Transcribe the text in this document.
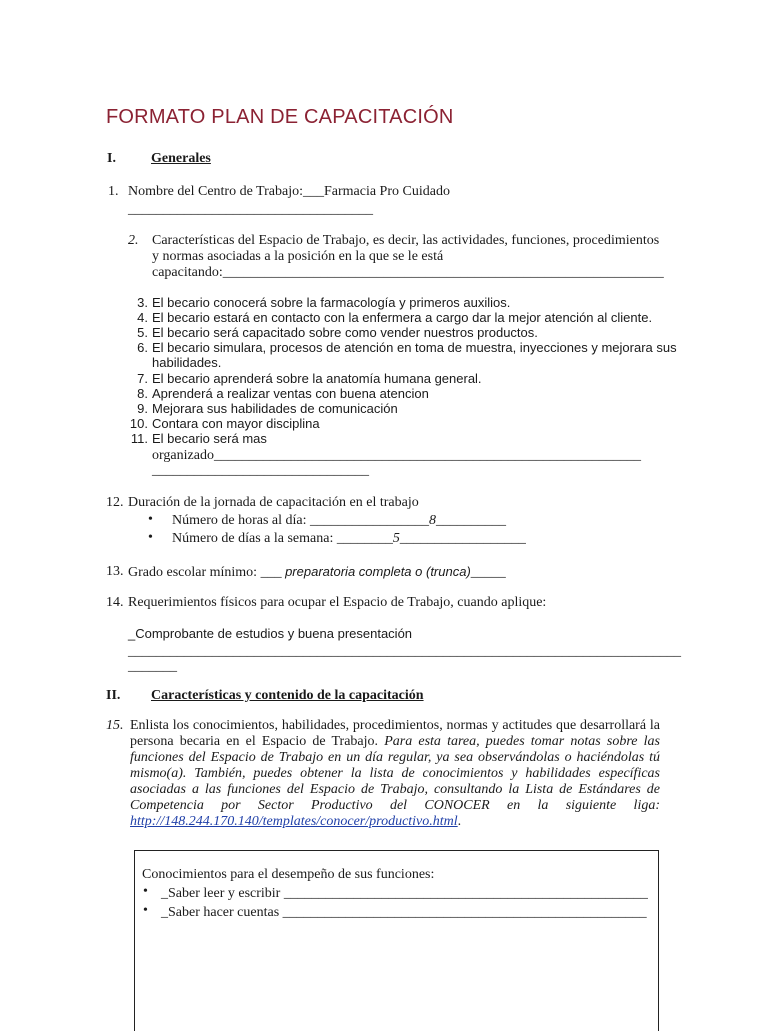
FORMATO PLAN DE CAPACITACIÓN
I.	Generales
1. Nombre del Centro de Trabajo:___Farmacia Pro Cuidado
___________________________________
2. Características del Espacio de Trabajo, es decir, las actividades, funciones, procedimientos
y normas asociadas a la posición en la que se le está
capacitando:_______________________________________________________________
3. El becario conocerá sobre la farmacología y primeros auxilios.
4. El becario estará en contacto con la enfermera a cargo dar la mejor atención al cliente.
5. El becario será capacitado sobre como vender nuestros productos.
6. El becario simulara, procesos de atención en toma de muestra, inyecciones y mejorara sus
habilidades.
7. El becario aprenderá sobre la anatomía humana general.
8. Aprenderá a realizar ventas con buena atencion
9. Mejorara sus habilidades de comunicación
10. Contara con mayor disciplina
11. El becario será mas
organizado_____________________________________________________________
_______________________________
12. Duración de la jornada de capacitación en el trabajo
• Número de horas al día: _________________8__________
• Número de días a la semana: ________5__________________
13. Grado escolar mínimo: ___ preparatoria completa o (trunca)_____
14. Requerimientos físicos para ocupar el Espacio de Trabajo, cuando aplique:
_Comprobante de estudios y buena presentación
_______________________________________________________________________________
_______
II. Características y contenido de la capacitación
15. Enlista los conocimientos, habilidades, procedimientos, normas y actitudes que desarrollará la persona becaria en el Espacio de Trabajo. Para esta tarea, puedes tomar notas sobre las funciones del Espacio de Trabajo en un día regular, ya sea observándolas o haciéndolas tú mismo(a). También, puedes obtener la lista de conocimientos y habilidades específicas asociadas a las funciones del Espacio de Trabajo, consultando la Lista de Estándares de Competencia por Sector Productivo del CONOCER en la siguiente liga: http://148.244.170.140/templates/conocer/productivo.html.
Conocimientos para el desempeño de sus funciones:
• _Saber leer y escribir ____________________________________________________
• _Saber hacer cuentas ____________________________________________________
